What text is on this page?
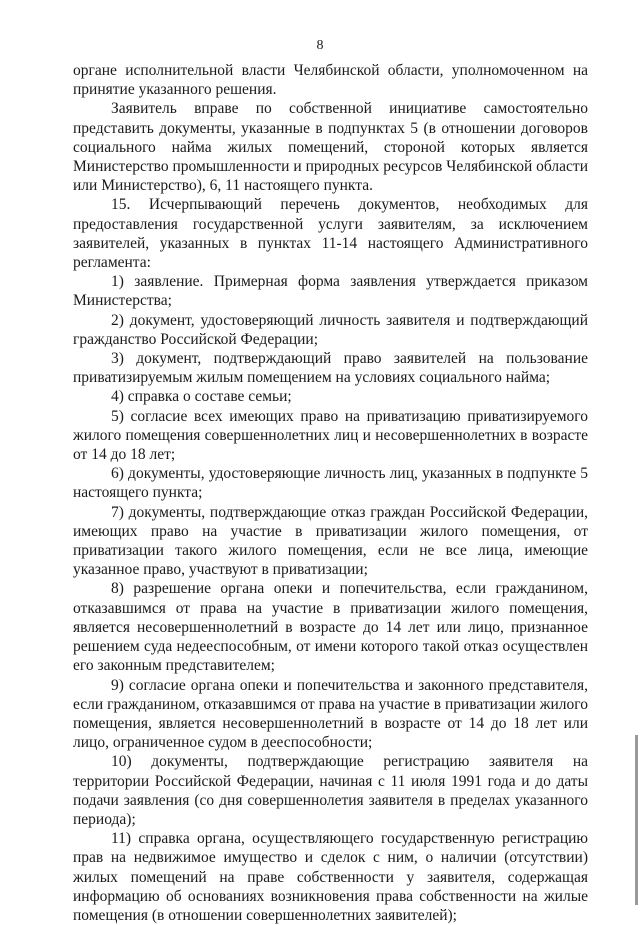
8

органе исполнительной власти Челябинской области, уполномоченном на принятие указанного решения.

Заявитель вправе по собственной инициативе самостоятельно представить документы, указанные в подпунктах 5 (в отношении договоров социального найма жилых помещений, стороной которых является Министерство промышленности и природных ресурсов Челябинской области или Министерство), 6, 11 настоящего пункта.

15. Исчерпывающий перечень документов, необходимых для предоставления государственной услуги заявителям, за исключением заявителей, указанных в пунктах 11-14 настоящего Административного регламента:

1) заявление. Примерная форма заявления утверждается приказом Министерства;

2) документ, удостоверяющий личность заявителя и подтверждающий гражданство Российской Федерации;

3) документ, подтверждающий право заявителей на пользование приватизируемым жилым помещением на условиях социального найма;

4) справка о составе семьи;

5) согласие всех имеющих право на приватизацию приватизируемого жилого помещения совершеннолетних лиц и несовершеннолетних в возрасте от 14 до 18 лет;

6) документы, удостоверяющие личность лиц, указанных в подпункте 5 настоящего пункта;

7) документы, подтверждающие отказ граждан Российской Федерации, имеющих право на участие в приватизации жилого помещения, от приватизации такого жилого помещения, если не все лица, имеющие указанное право, участвуют в приватизации;

8) разрешение органа опеки и попечительства, если гражданином, отказавшимся от права на участие в приватизации жилого помещения, является несовершеннолетний в возрасте до 14 лет или лицо, признанное решением суда недееспособным, от имени которого такой отказ осуществлен его законным представителем;

9) согласие органа опеки и попечительства и законного представителя, если гражданином, отказавшимся от права на участие в приватизации жилого помещения, является несовершеннолетний в возрасте от 14 до 18 лет или лицо, ограниченное судом в дееспособности;

10) документы, подтверждающие регистрацию заявителя на территории Российской Федерации, начиная с 11 июля 1991 года и до даты подачи заявления (со дня совершеннолетия заявителя в пределах указанного периода);

11) справка органа, осуществляющего государственную регистрацию прав на недвижимое имущество и сделок с ним, о наличии (отсутствии) жилых помещений на праве собственности у заявителя, содержащая информацию об основаниях возникновения права собственности на жилые помещения (в отношении совершеннолетних заявителей);
